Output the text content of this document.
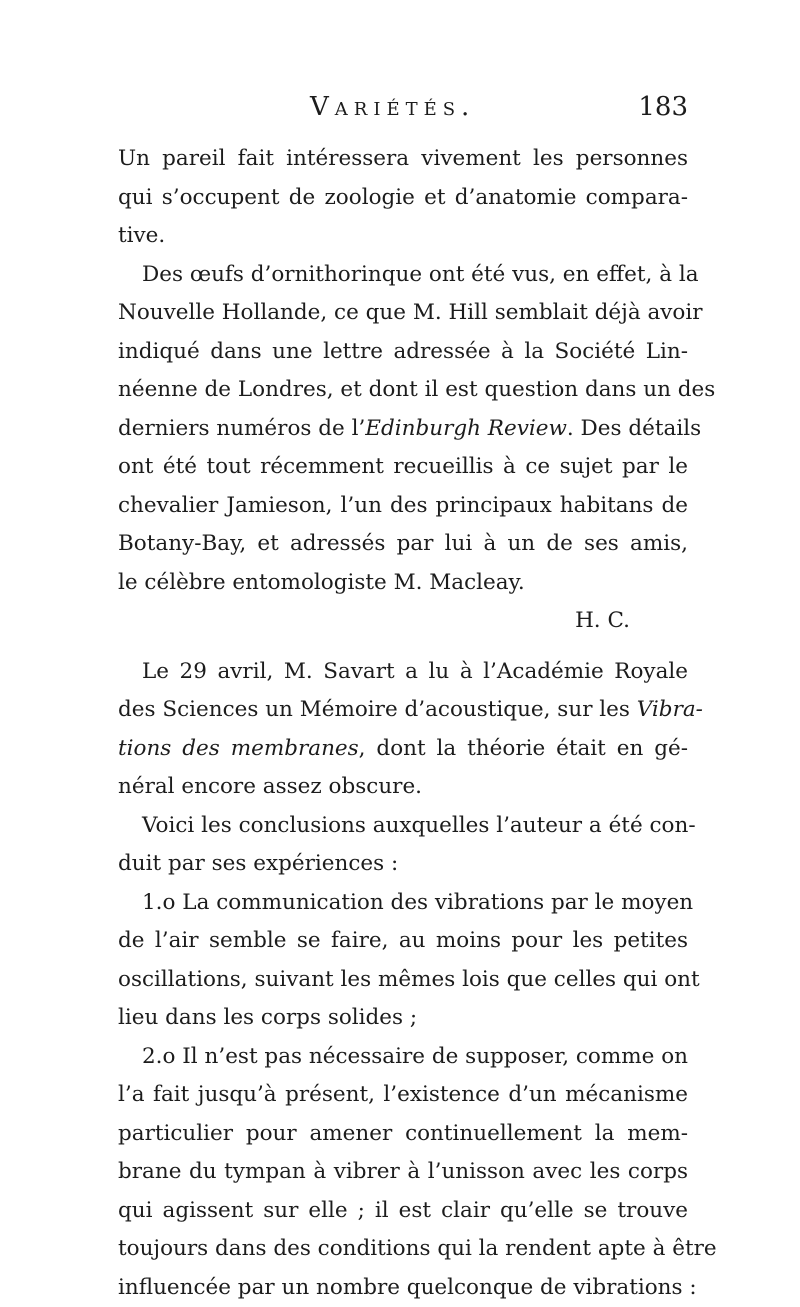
Variétés.	183
Un pareil fait intéressera vivement les personnes
qui s’occupent de zoologie et d’anatomie compara-
tive.
Des œufs d’ornithorinque ont été vus, en effet, à la
Nouvelle Hollande, ce que M. Hill semblait déjà avoir
indiqué dans une lettre adressée à la Société Lin-
néenne de Londres, et dont il est question dans un des
derniers numéros de l’Edinburgh Review. Des détails
ont été tout récemment recueillis à ce sujet par le
chevalier Jamieson, l’un des principaux habitans de
Botany-Bay, et adressés par lui à un de ses amis,
le célèbre entomologiste M. Macleay.
H. C.
Le 29 avril, M. Savart a lu à l’Académie Royale
des Sciences un Mémoire d’acoustique, sur les Vibra-
tions des membranes, dont la théorie était en gé-
néral encore assez obscure.
Voici les conclusions auxquelles l’auteur a été con-
duit par ses expériences :
1.o La communication des vibrations par le moyen
de l’air semble se faire, au moins pour les petites
oscillations, suivant les mêmes lois que celles qui ont
lieu dans les corps solides ;
2.o Il n’est pas nécessaire de supposer, comme on
l’a fait jusqu’à présent, l’existence d’un mécanisme
particulier pour amener continuellement la mem-
brane du tympan à vibrer à l’unisson avec les corps
qui agissent sur elle ; il est clair qu’elle se trouve
toujours dans des conditions qui la rendent apte à être
influencée par un nombre quelconque de vibrations :
